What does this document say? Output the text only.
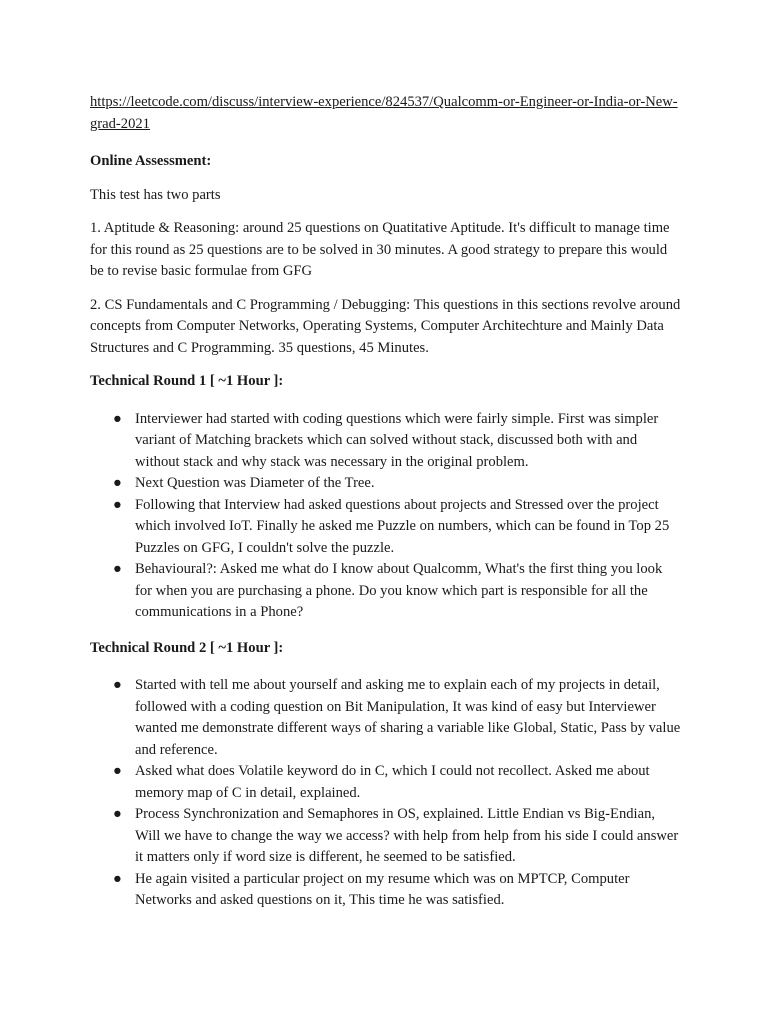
https://leetcode.com/discuss/interview-experience/824537/Qualcomm-or-Engineer-or-India-or-New-grad-2021
Online Assessment:

This test has two parts

1. Aptitude & Reasoning: around 25 questions on Quatitative Aptitude. It's difficult to manage time for this round as 25 questions are to be solved in 30 minutes. A good strategy to prepare this would be to revise basic formulae from GFG

2. CS Fundamentals and C Programming / Debugging: This questions in this sections revolve around concepts from Computer Networks, Operating Systems, Computer Architechture and Mainly Data Structures and C Programming. 35 questions, 45 Minutes.

Technical Round 1 [ ~1 Hour ]:
● Interviewer had started with coding questions which were fairly simple. First was simpler variant of Matching brackets which can solved without stack, discussed both with and without stack and why stack was necessary in the original problem.
● Next Question was Diameter of the Tree.
● Following that Interview had asked questions about projects and Stressed over the project which involved IoT. Finally he asked me Puzzle on numbers, which can be found in Top 25 Puzzles on GFG, I couldn't solve the puzzle.
● Behavioural?: Asked me what do I know about Qualcomm, What's the first thing you look for when you are purchasing a phone. Do you know which part is responsible for all the communications in a Phone?
Technical Round 2 [ ~1 Hour ]:
● Started with tell me about yourself and asking me to explain each of my projects in detail, followed with a coding question on Bit Manipulation, It was kind of easy but Interviewer wanted me demonstrate different ways of sharing a variable like Global, Static, Pass by value and reference.
● Asked what does Volatile keyword do in C, which I could not recollect. Asked me about memory map of C in detail, explained.
● Process Synchronization and Semaphores in OS, explained. Little Endian vs Big-Endian, Will we have to change the way we access? with help from help from his side I could answer it matters only if word size is different, he seemed to be satisfied.
● He again visited a particular project on my resume which was on MPTCP, Computer Networks and asked questions on it, This time he was satisfied.
